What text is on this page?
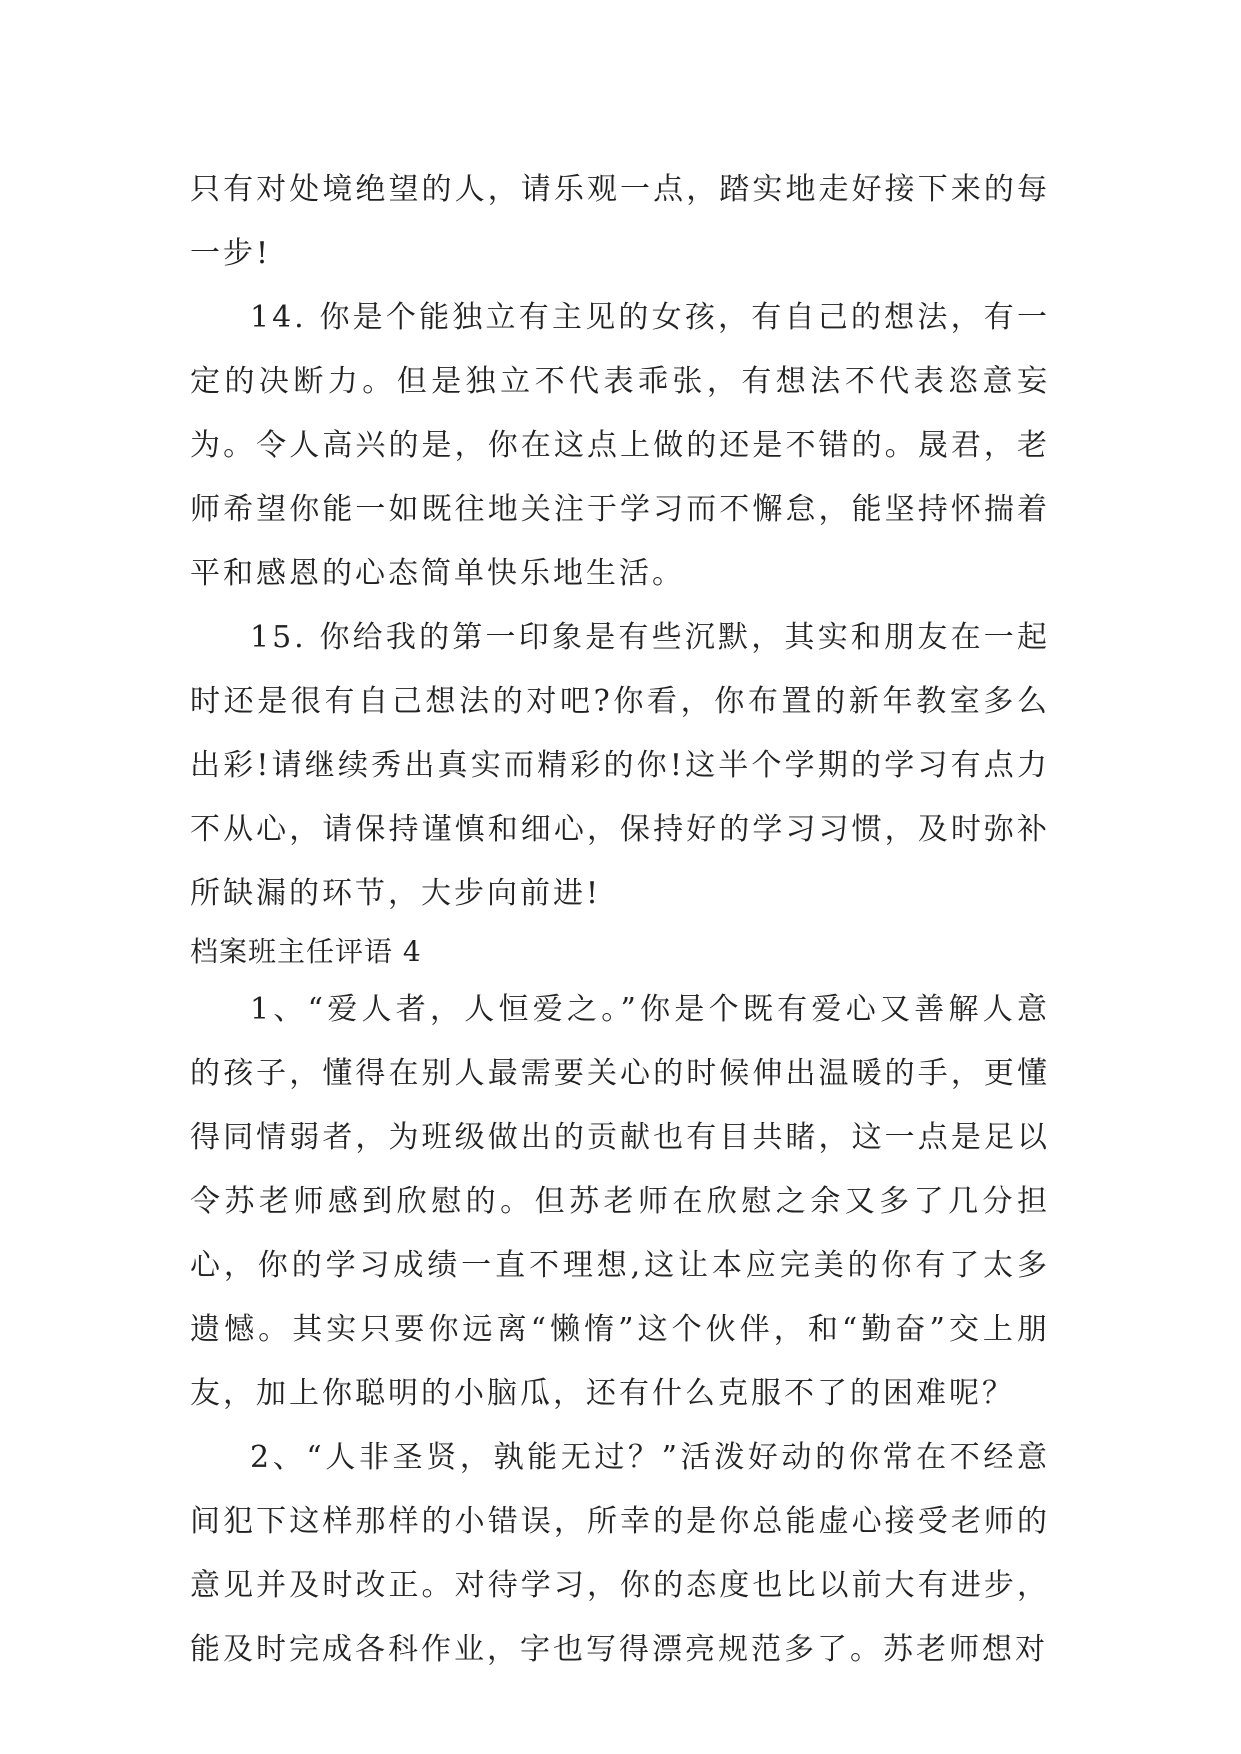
只有对处境绝望的人，请乐观一点，踏实地走好接下来的每一步!

14. 你是个能独立有主见的女孩，有自己的想法，有一定的决断力。但是独立不代表乖张，有想法不代表恣意妄为。令人高兴的是，你在这点上做的还是不错的。晟君，老师希望你能一如既往地关注于学习而不懈怠，能坚持怀揣着平和感恩的心态简单快乐地生活。

15. 你给我的第一印象是有些沉默，其实和朋友在一起时还是很有自己想法的对吧?你看，你布置的新年教室多么出彩!请继续秀出真实而精彩的你!这半个学期的学习有点力不从心，请保持谨慎和细心，保持好的学习习惯，及时弥补所缺漏的环节，大步向前进!

档案班主任评语 4

1、“爱人者，人恒爱之。”你是个既有爱心又善解人意的孩子，懂得在别人最需要关心的时候伸出温暖的手，更懂得同情弱者，为班级做出的贡献也有目共睹，这一点是足以令苏老师感到欣慰的。但苏老师在欣慰之余又多了几分担心，你的学习成绩一直不理想,这让本应完美的你有了太多遗憾。其实只要你远离“懒惰”这个伙伴，和“勤奋”交上朋友，加上你聪明的小脑瓜，还有什么克服不了的困难呢？

2、“人非圣贤，孰能无过？”活泼好动的你常在不经意间犯下这样那样的小错误，所幸的是你总能虚心接受老师的意见并及时改正。对待学习，你的态度也比以前大有进步，能及时完成各科作业，字也写得漂亮规范多了。苏老师想对
